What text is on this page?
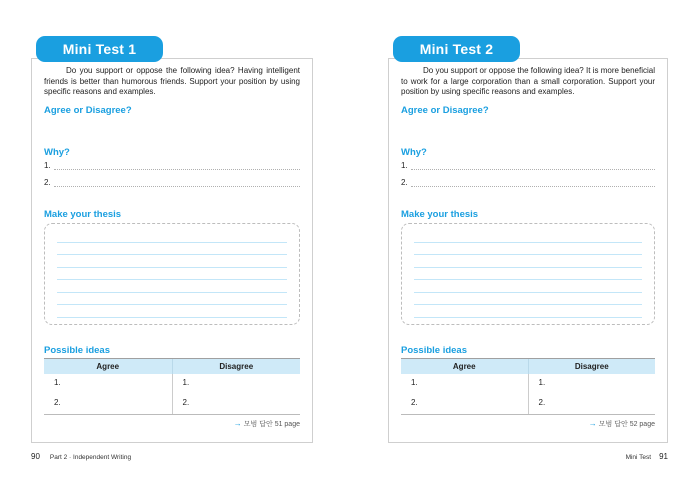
Mini Test 1

Do you support or oppose the following idea? Having intelligent friends is better than humorous friends. Support your position by using specific reasons and examples.

Agree or Disagree?
Why?
1.
2.
Make your thesis
Possible ideas
Agree	Disagree
1.	1.
2.	2.
→ 모범 답안 51 page
Mini Test 2

Do you support or oppose the following idea? It is more beneficial to work for a large corporation than a small corporation. Support your position by using specific reasons and examples.

Agree or Disagree?
Why?
1.
2.
Make your thesis
Possible ideas
Agree	Disagree
1.	1.
2.	2.
→ 모범 답안 52 page
90 Part 2 · Independent Writing	Mini Test 91
